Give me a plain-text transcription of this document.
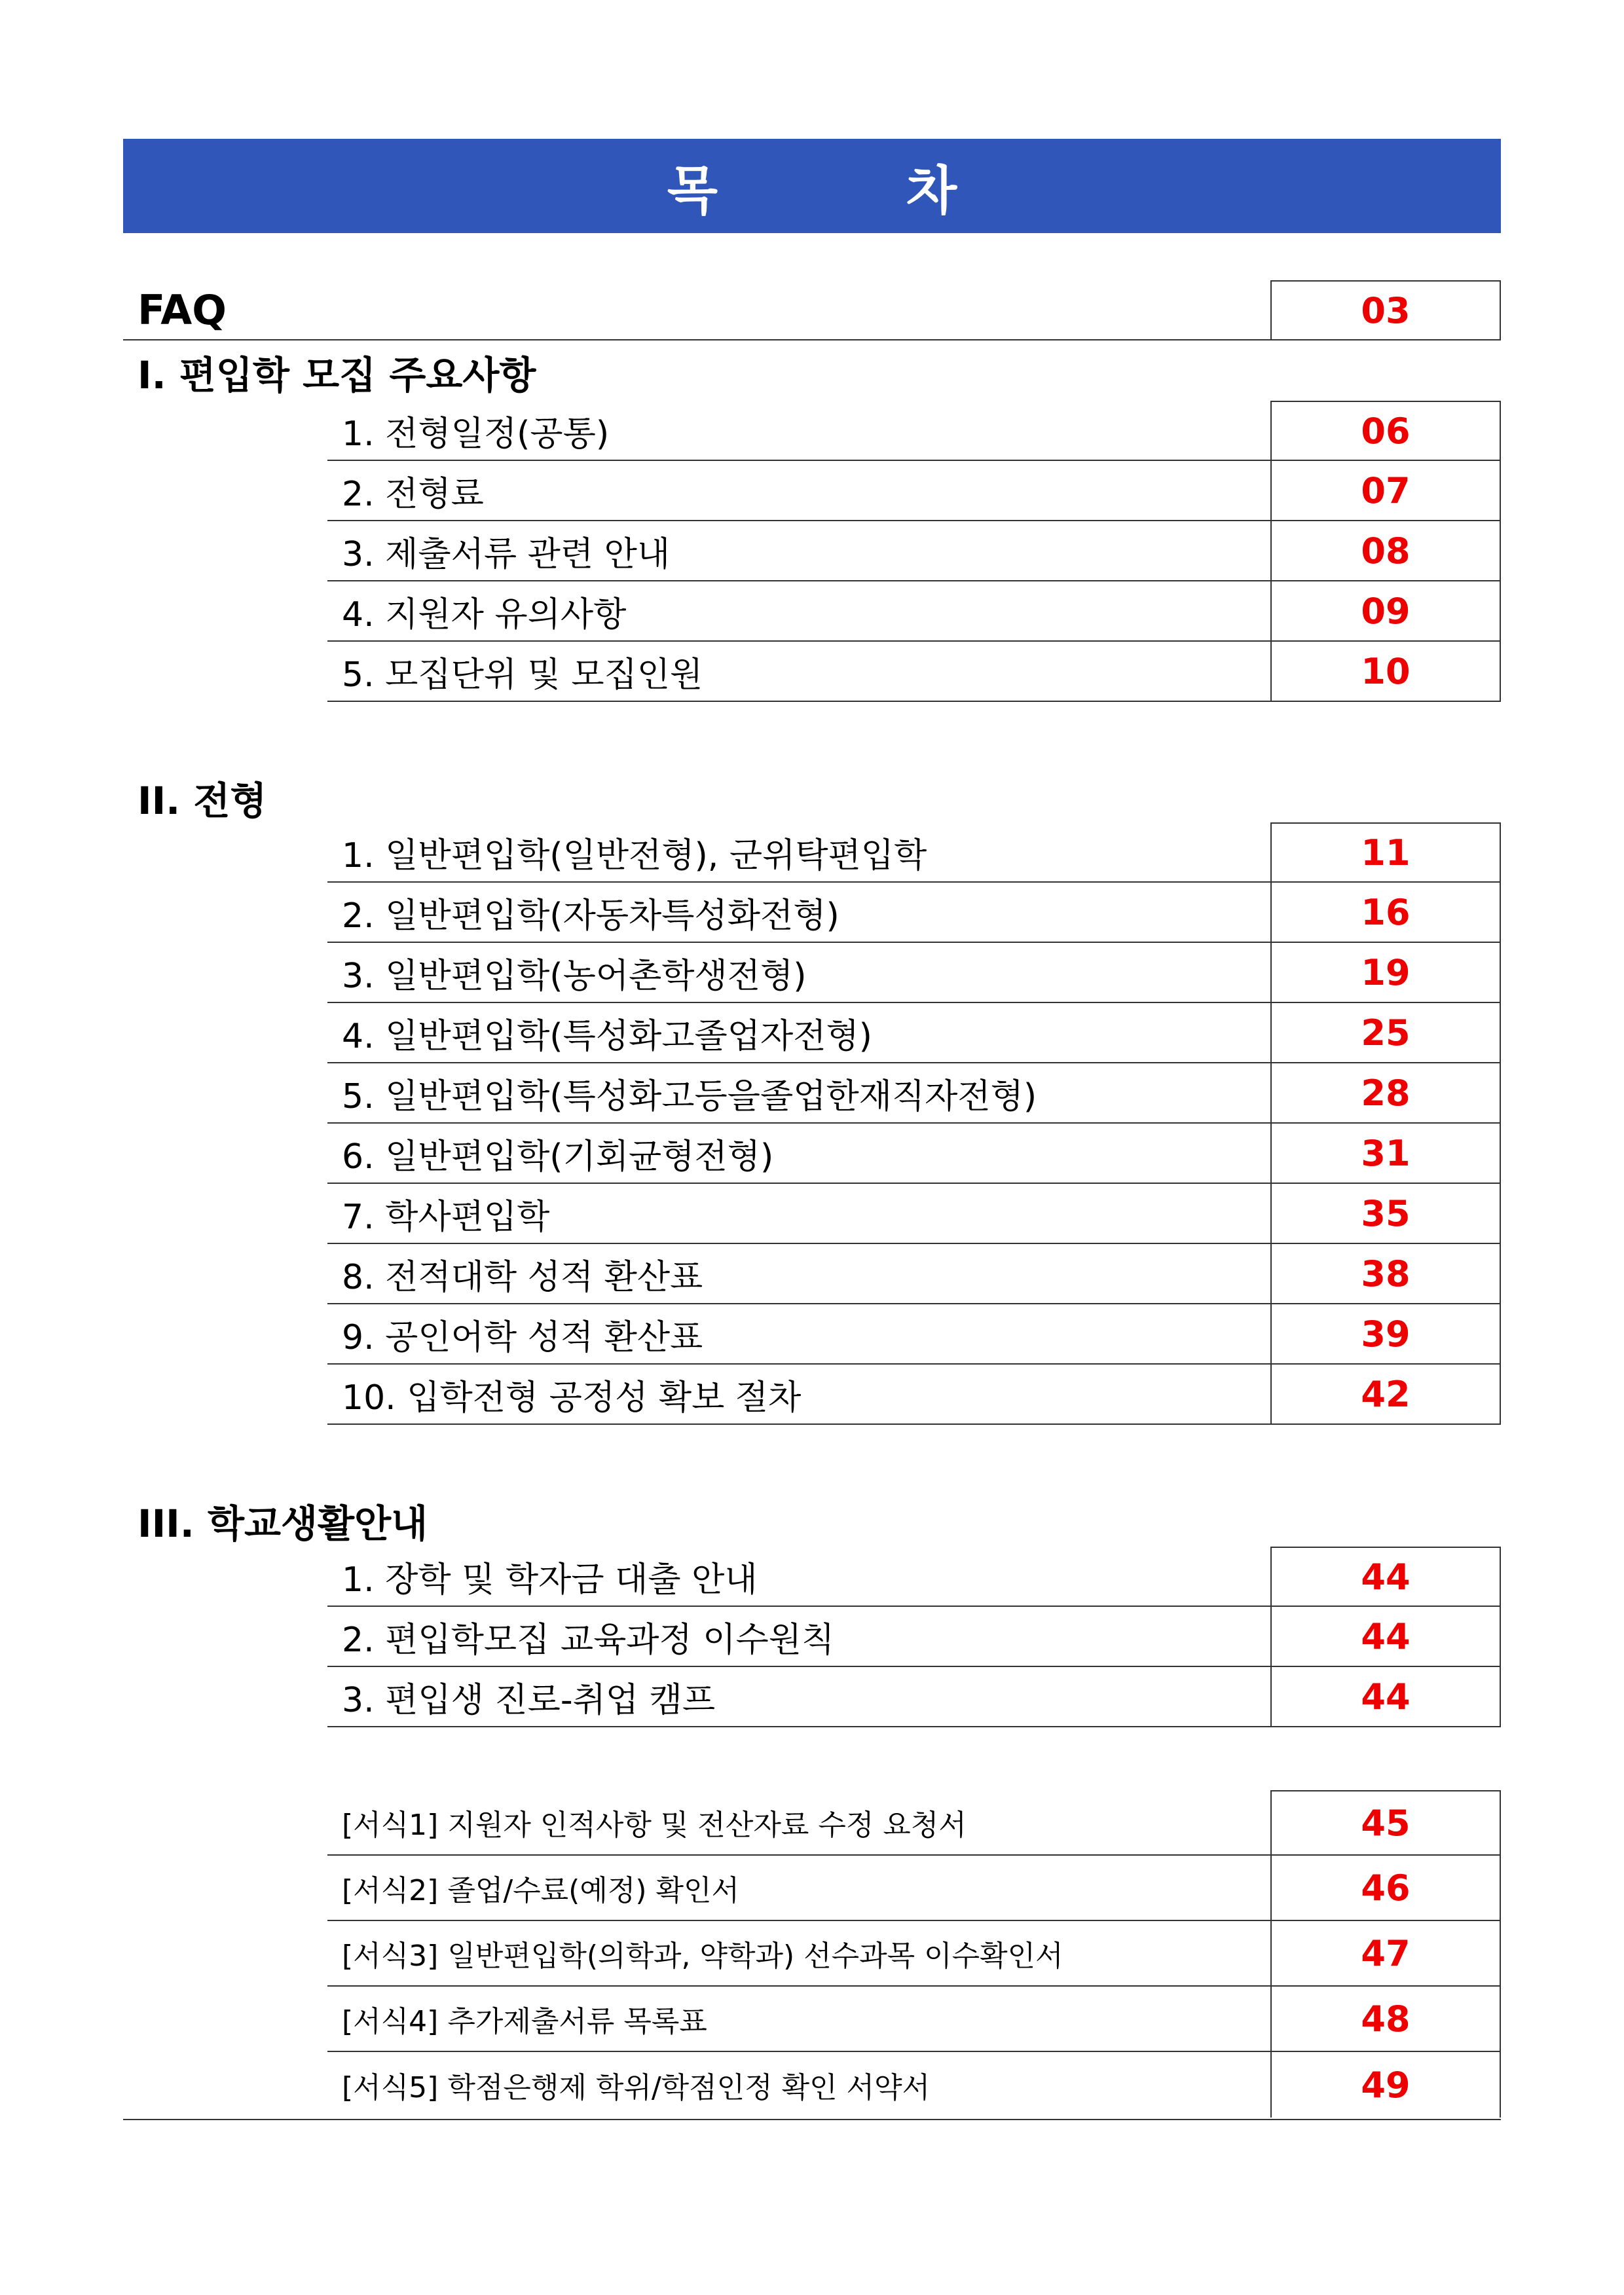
목 차
FAQ	03
I. 편입학 모집 주요사항
1. 전형일정(공통)	06
2. 전형료	07
3. 제출서류 관련 안내	08
4. 지원자 유의사항	09
5. 모집단위 및 모집인원	10
II. 전형
1. 일반편입학(일반전형), 군위탁편입학	11
2. 일반편입학(자동차특성화전형)	16
3. 일반편입학(농어촌학생전형)	19
4. 일반편입학(특성화고졸업자전형)	25
5. 일반편입학(특성화고등을졸업한재직자전형)	28
6. 일반편입학(기회균형전형)	31
7. 학사편입학	35
8. 전적대학 성적 환산표	38
9. 공인어학 성적 환산표	39
10. 입학전형 공정성 확보 절차	42
III. 학교생활안내
1. 장학 및 학자금 대출 안내	44
2. 편입학모집 교육과정 이수원칙	44
3. 편입생 진로-취업 캠프	44
[서식1] 지원자 인적사항 및 전산자료 수정 요청서	45
[서식2] 졸업/수료(예정) 확인서	46
[서식3] 일반편입학(의학과, 약학과) 선수과목 이수확인서	47
[서식4] 추가제출서류 목록표	48
[서식5] 학점은행제 학위/학점인정 확인 서약서	49
